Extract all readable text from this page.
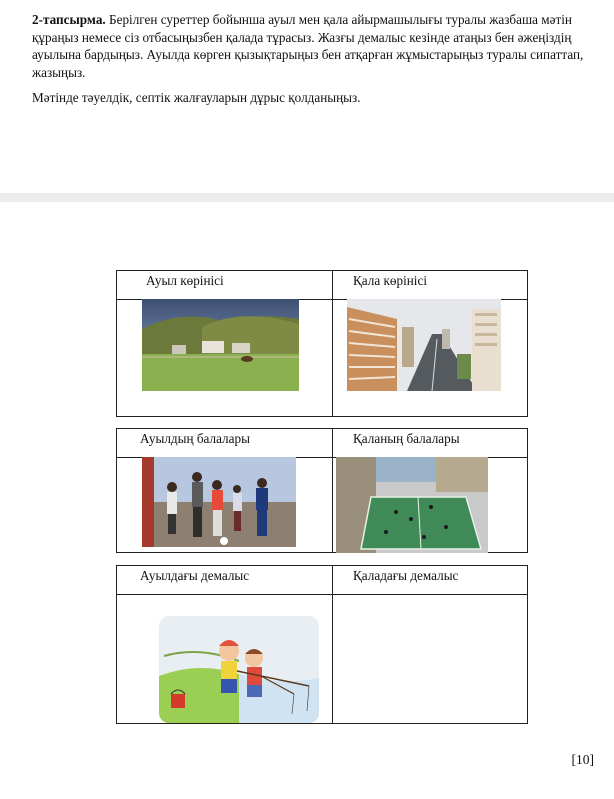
2-тапсырма. Берілген суреттер бойынша ауыл мен қала айырмашылығы туралы жазбаша мәтін құраңыз немесе сіз отбасыңызбен қалада тұрасыз. Жазғы демалыс кезінде атаңыз бен әжеңіздің ауылына бардыңыз. Ауылда көрген қызықтарыңыз бен атқарған жұмыстарыңыз туралы сипаттап, жазыңыз.

Мәтінде тәуелдік, септік жалғауларын дұрыс қолданыңыз.

Ауыл көрінісі	Қала көрінісі
Ауылдың балалары	Қаланың балалары
Ауылдағы демалыс	Қаладағы демалыс
[10]
